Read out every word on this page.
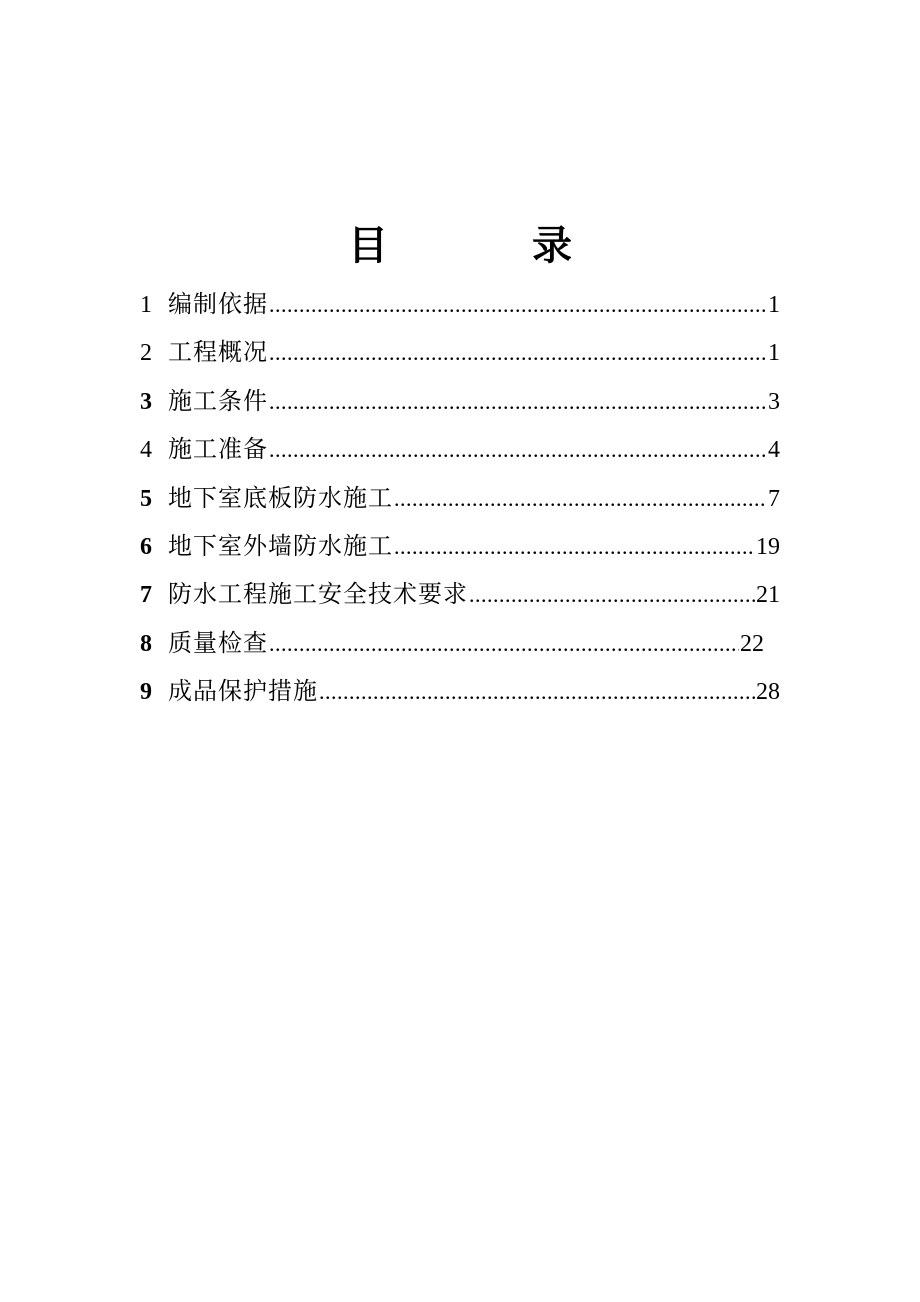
目　录
1 编制依据 .....	1
2 工程概况 .....	1
3 施工条件 .....	3
4 施工准备 .....	4
5 地下室底板防水施工 .....	7
6 地下室外墙防水施工 .....	19
7 防水工程施工安全技术要求 .....	21
8 质量检查 .....	22
9 成品保护措施 .....	28
